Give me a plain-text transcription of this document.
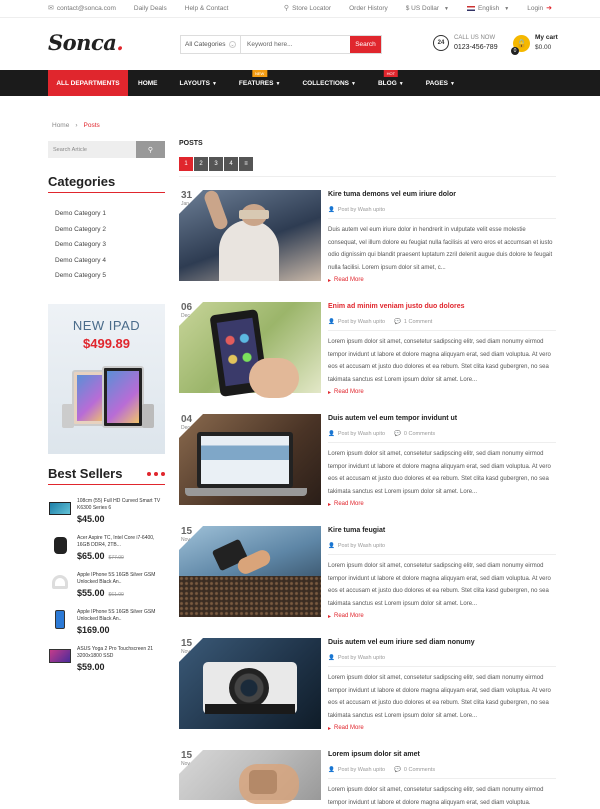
✉ contact@sonca.com	Daily Deals	Help & Contact	⚲ Store Locator	Order History	$ US Dollar ▼	English ▼	Login ➜
Sonca.	All Categories ⌄
Keyword here...	Search	24
CALL US NOW
0123-456-789	🔒
0
My cart
$0.00
ALL DEPARTMENTS	HOME	LAYOUTS ▼
NEW
FEATURES ▼	COLLECTIONS ▼
HOT
BLOG ▼	PAGES ▼
Home › Posts
Search Article
⚲
Categories
Demo Category 1
Demo Category 2
Demo Category 3
Demo Category 4
Demo Category 5
NEW IPAD
$499.89
Best Sellers
108cm (55) Full HD Curved Smart TV K6300 Series 6
$45.00
Acer Aspire TC, Intel Core i7-6400, 16GB DDR4, 2TB...
$65.00 $77.00
Apple IPhone 5S 16GB Silver GSM Unlocked Black An..
$55.00 $61.00
Apple IPhone 5S 16GB Silver GSM Unlocked Black An..
$169.00
ASUS Yoga 2 Pro Touchscreen 21 3200x1800 SSD
$59.00
POSTS
1	2	3	4	≡
31
Jan
Kire tuma demons vel eum iriure dolor
👤 Post by Wash upito
Duis autem vel eum iriure dolor in hendrerit in vulputate velit esse molestie consequat, vel illum dolore eu feugiat nulla facilisis at vero eros et accumsan et iusto odio dignissim qui blandit praesent luptatum zzril delenit augue duis dolore te feugait nulla facilisi. Lorem ipsum dolor sit amet, c...
▸ Read More
06
Dec
Enim ad minim veniam justo duo dolores
👤 Post by Wash upito 💬 1 Comment
Lorem ipsum dolor sit amet, consetetur sadipscing elitr, sed diam nonumy eirmod tempor invidunt ut labore et dolore magna aliquyam erat, sed diam voluptua. At vero eos et accusam et justo duo dolores et ea rebum. Stet clita kasd gubergren, no sea takimata sanctus est Lorem ipsum dolor sit amet. Lore...
▸ Read More
04
Dec
Duis autem vel eum tempor invidunt ut
👤 Post by Wash upito 💬 0 Comments
Lorem ipsum dolor sit amet, consetetur sadipscing elitr, sed diam nonumy eirmod tempor invidunt ut labore et dolore magna aliquyam erat, sed diam voluptua. At vero eos et accusam et justo duo dolores et ea rebum. Stet clita kasd gubergren, no sea takimata sanctus est Lorem ipsum dolor sit amet. Lore...
▸ Read More
15
Nov
Kire tuma feugiat
👤 Post by Wash upito
Lorem ipsum dolor sit amet, consetetur sadipscing elitr, sed diam nonumy eirmod tempor invidunt ut labore et dolore magna aliquyam erat, sed diam voluptua. At vero eos et accusam et justo duo dolores et ea rebum. Stet clita kasd gubergren, no sea takimata sanctus est Lorem ipsum dolor sit amet. Lore...
▸ Read More
15
Nov
Duis autem vel eum iriure sed diam nonumy
👤 Post by Wash upito
Lorem ipsum dolor sit amet, consetetur sadipscing elitr, sed diam nonumy eirmod tempor invidunt ut labore et dolore magna aliquyam erat, sed diam voluptua. At vero eos et accusam et justo duo dolores et ea rebum. Stet clita kasd gubergren, no sea takimata sanctus est Lorem ipsum dolor sit amet. Lore...
▸ Read More
15
Nov
Lorem ipsum dolor sit amet
👤 Post by Wash upito 💬 0 Comments
Lorem ipsum dolor sit amet, consetetur sadipscing elitr, sed diam nonumy eirmod tempor invidunt ut labore et dolore magna aliquyam erat, sed diam voluptua.
